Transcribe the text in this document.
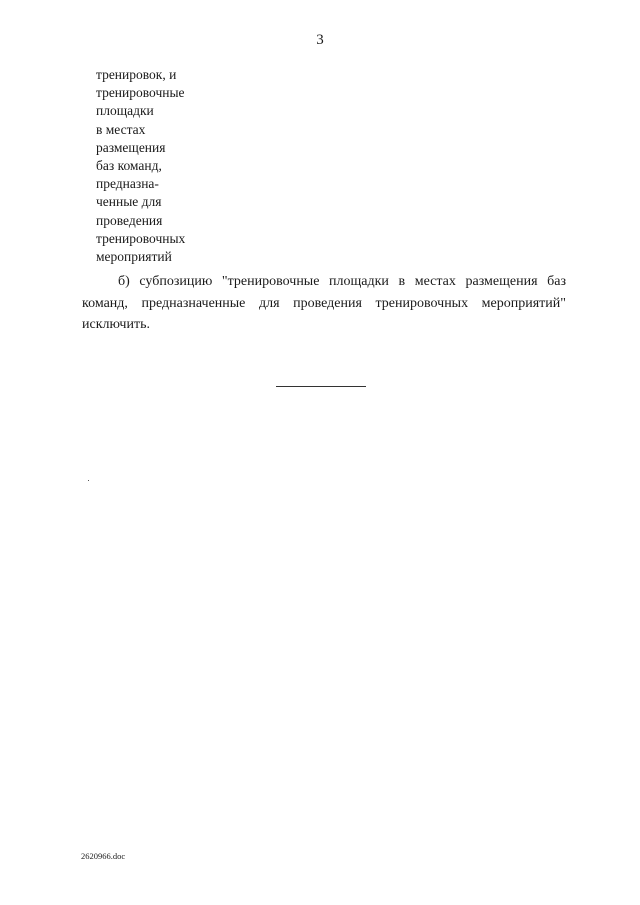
3
тренировок, и
тренировочные
площадки
в местах
размещения
баз команд,
предназна-
ченные для
проведения
тренировочных
мероприятий

б) субпозицию "тренировочные площадки в местах размещения баз команд, предназначенные для проведения тренировочных мероприятий" исключить.

2620966.doc
